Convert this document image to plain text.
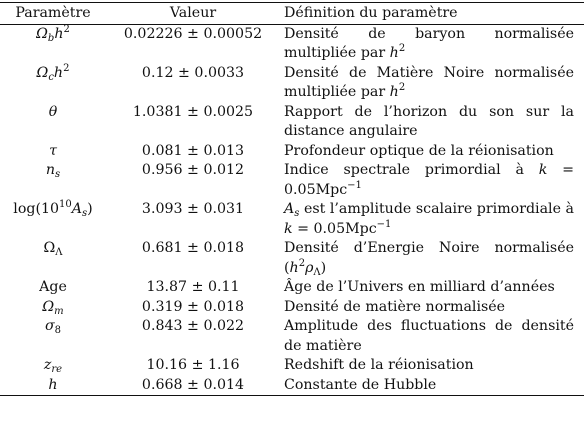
Paramètre	Valeur	Définition du paramètre
$\Omega_bh^2$	0.02226 ± 0.00052	Densité de baryon normalisée multipliée par $h^2$
$\Omega_ch^2$	0.12 ± 0.0033	Densité de Matière Noire normalisée multipliée par $h^2$
θ	1.0381 ± 0.0025	Rapport de l’horizon du son sur la distance angulaire
τ	0.081 ± 0.013	Profondeur optique de la réionisation
$n_s$	0.956 ± 0.012	Indice spectrale primordial à k = 0.05Mpc$^{-1}$
$\log(10^{10}A_s)$	3.093 ± 0.031	$A_s$ est l’amplitude scalaire primordiale à k = 0.05Mpc$^{-1}$
$\Omega_\Lambda$	0.681 ± 0.018	Densité d’Energie Noire normalisée $(h^2\rho_\Lambda)$
Age	13.87 ± 0.11	Âge de l’Univers en milliard d’années
$\Omega_m$	0.319 ± 0.018	Densité de matière normalisée
$\sigma_8$	0.843 ± 0.022	Amplitude des fluctuations de densité de matière
$z_{re}$	10.16 ± 1.16	Redshift de la réionisation
h	0.668 ± 0.014	Constante de Hubble
